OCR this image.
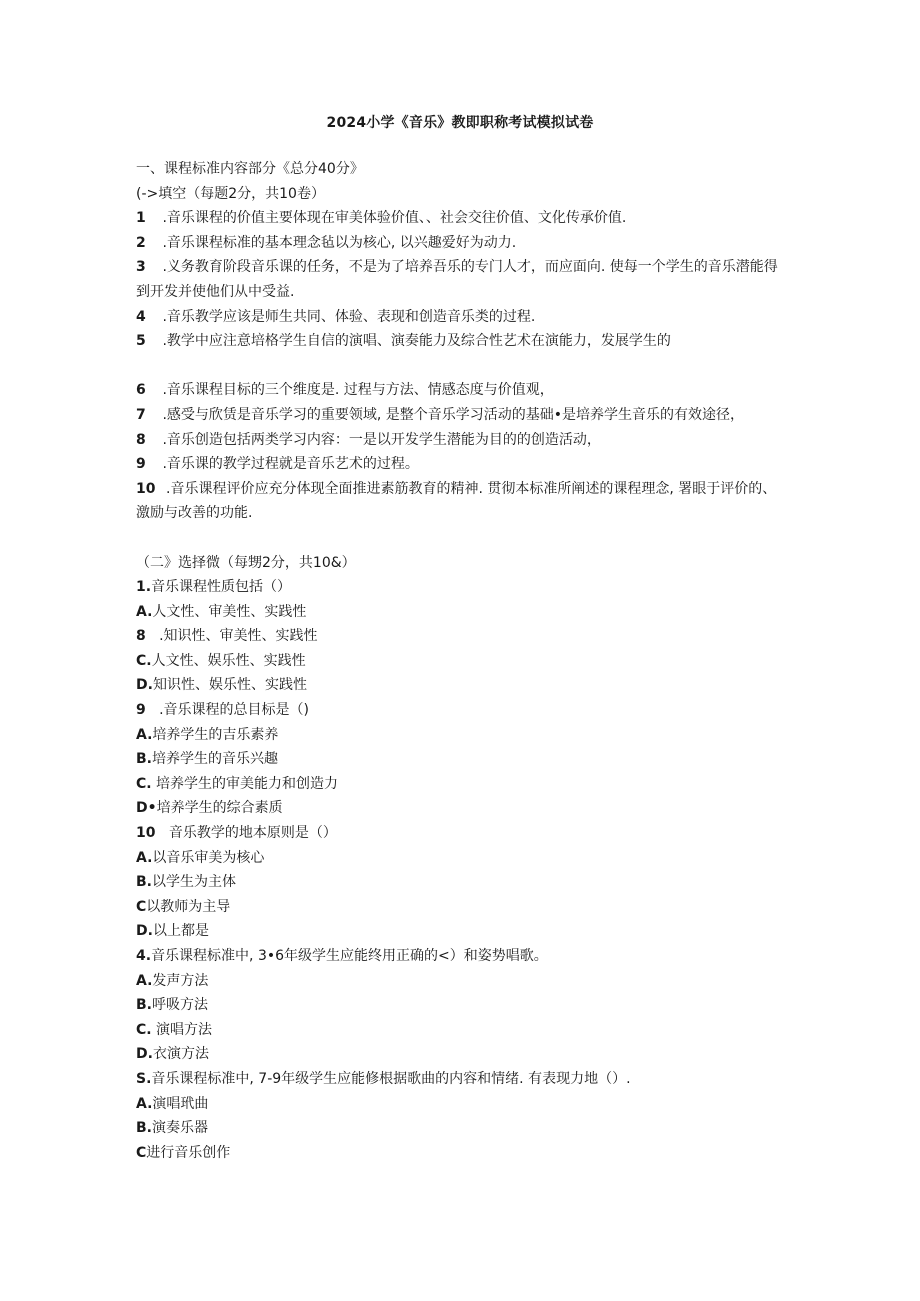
2024小学《音乐》教即职称考试模拟试卷
一、课程标准内容部分《总分40分》
(->填空（每题2分，共10卷）
1 .音乐课程的价值主要体现在审美体验价值、、社会交往价值、文化传承价值.
2 .音乐课程标准的基本理念毡以为核心, 以兴趣爱好为动力.
3 .义务教育阶段音乐课的任务，不是为了培养吾乐的专门人才，而应面向. 使每一个学生的音乐潜能得到开发并使他们从中受益.
4 .音乐教学应该是师生共同、体验、表现和创造音乐类的过程.
5 .教学中应注意培格学生自信的演唱、演奏能力及综合性艺术在演能力，发展学生的
6 .音乐课程目标的三个维度是. 过程与方法、情感态度与价值观，
7 .感受与欣赁是音乐学习的重要领域, 是整个音乐学习活动的基础•是培养学生音乐的有效途径，
8 .音乐创造包括两类学习内容：一是以开发学生潜能为目的的创造活动，
9 .音乐课的教学过程就是音乐艺术的过程。
10 .音乐课程评价应充分体现全面推进素筋教育的精神. 贯彻本标准所阐述的课程理念, 署眼于评价的、激励与改善的功能.
（二》选择微（每甥2分，共10&）
1.音乐课程性质包括（）
A.人文性、审美性、实践性
8   .知识性、审美性、实践性
C.人文性、娱乐性、实践性
D.知识性、娱乐性、实践性
9   .音乐课程的总目标是（)
A.培养学生的吉乐素养
B.培养学生的音乐兴趣
C. 培养学生的审美能力和创造力
D•培养学生的综合素质
10   音乐教学的地本原则是（）
A.以音乐审美为核心
B.以学生为主体
C以教师为主导
D.以上都是
4.音乐课程标准中, 3•6年级学生应能终用正确的<）和姿势唱歌。
A.发声方法
B.呼吸方法
C. 演唱方法
D.衣演方法
S.音乐课程标准中, 7-9年级学生应能修根据歌曲的内容和情绪. 有表现力地（）.
A.演唱玳曲
B.演奏乐器
C进行音乐创作
